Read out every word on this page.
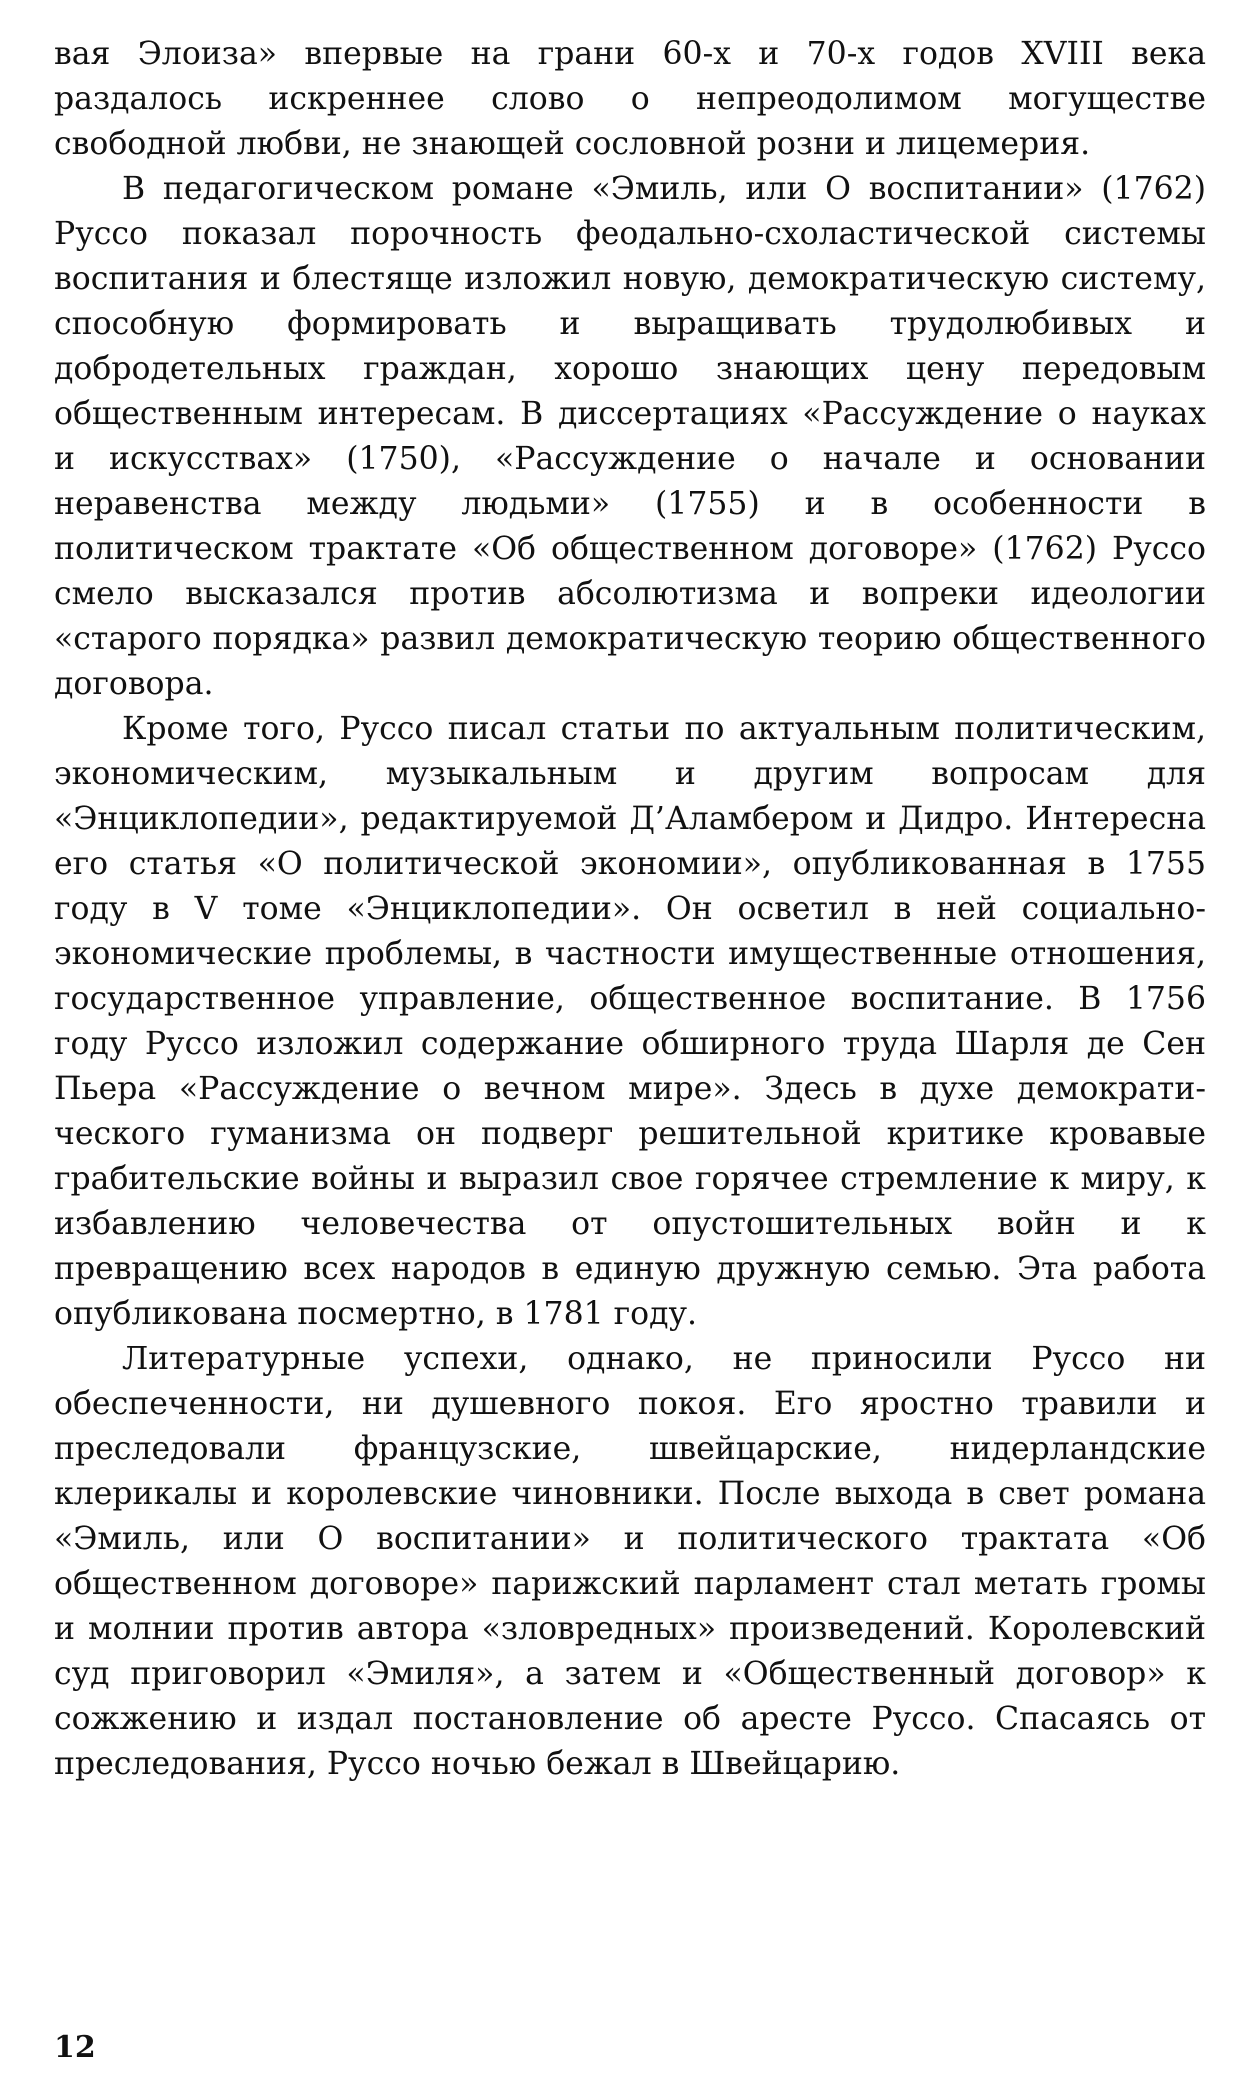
вая Элоиза» впервые на грани 60-х и 70-х годов XVIII века раздалось искреннее слово о непреодолимом могуществе свободной любви, не знающей сословной розни и лицемерия.

В педагогическом романе «Эмиль, или О воспитании» (1762) Руссо показал порочность феодально-схоластической системы воспитания и блестяще изложил новую, демократическую систему, способную формировать и выращивать трудолюбивых и добродетельных граждан, хорошо знающих цену передовым общественным интересам. В диссертациях «Рассуждение о науках и искусствах» (1750), «Рассуждение о начале и основании неравенства между людьми» (1755) и в особенности в политическом трактате «Об общественном договоре» (1762) Руссо смело высказался против абсолютизма и вопреки идеологии «старого порядка» развил демократическую теорию общественного договора.

Кроме того, Руссо писал статьи по актуальным политическим, экономическим, музыкальным и другим вопросам для «Энциклопедии», редактируемой Д’Аламбером и Дидро. Интересна его статья «О политической экономии», опубликованная в 1755 году в V томе «Энциклопедии». Он осветил в ней социально-экономические проблемы, в частности имущественные отношения, государственное управление, общественное воспитание. В 1756 году Руссо изложил содержание обширного труда Шарля де Сен Пьера «Рассуждение о вечном мире». Здесь в духе демократического гуманизма он подверг решительной критике кровавые грабительские войны и выразил свое горячее стремление к миру, к избавлению человечества от опустошительных войн и к превращению всех народов в единую дружную семью. Эта работа опубликована посмертно, в 1781 году.

Литературные успехи, однако, не приносили Руссо ни обеспеченности, ни душевного покоя. Его яростно травили и преследовали французские, швейцарские, нидерландские клерикалы и королевские чиновники. После выхода в свет романа «Эмиль, или О воспитании» и политического трактата «Об общественном договоре» парижский парламент стал метать громы и молнии против автора «зловредных» произведений. Королевский суд приговорил «Эмиля», а затем и «Общественный договор» к сожжению и издал постановление об аресте Руссо. Спасаясь от преследования, Руссо ночью бежал в Швейцарию.

12
